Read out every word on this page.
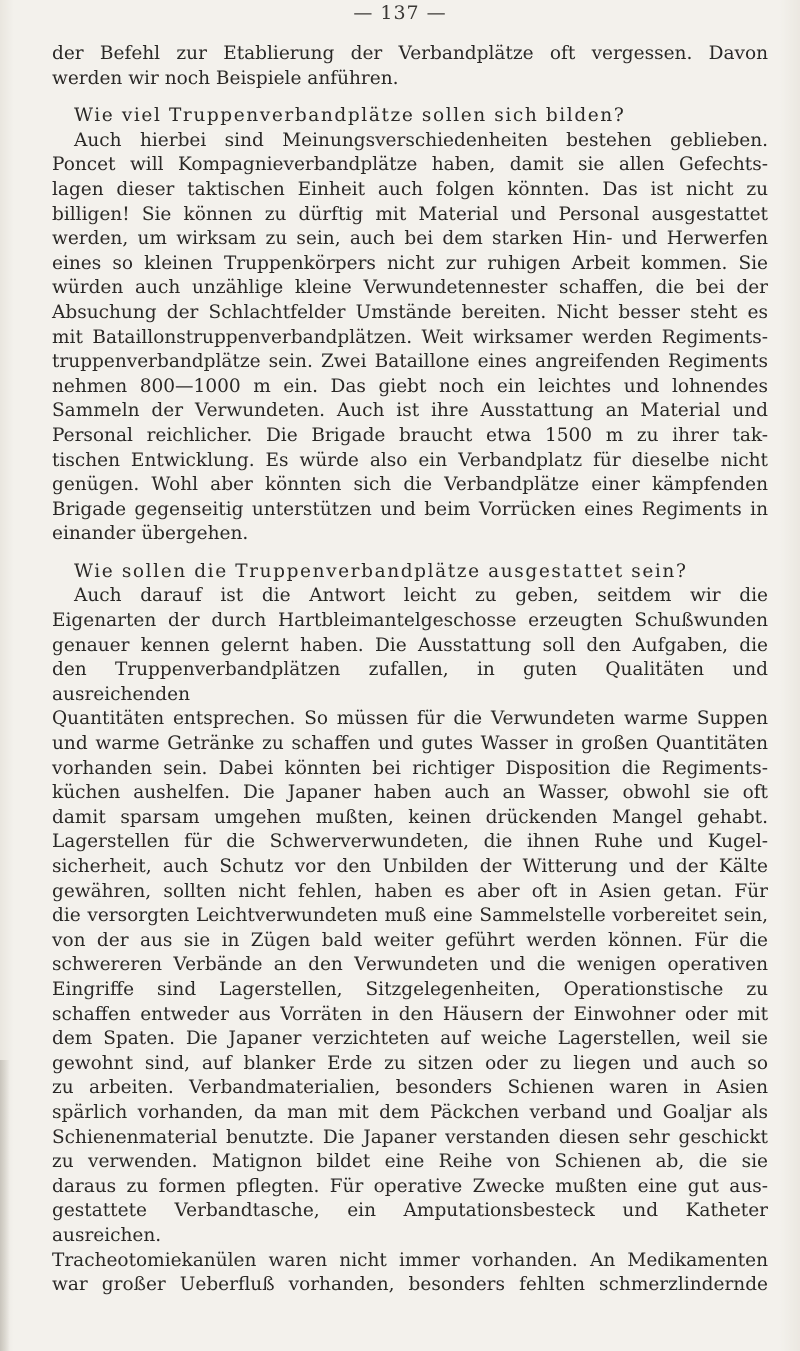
— 137 —

der Befehl zur Etablierung der Verbandplätze oft vergessen. Davon

werden wir noch Beispiele anführen.

Wie viel Truppenverbandplätze sollen sich bilden?

Auch hierbei sind Meinungsverschiedenheiten bestehen geblieben.

Poncet will Kompagnieverbandplätze haben, damit sie allen Gefechts-

lagen dieser taktischen Einheit auch folgen könnten. Das ist nicht zu

billigen! Sie können zu dürftig mit Material und Personal ausgestattet

werden, um wirksam zu sein, auch bei dem starken Hin- und Herwerfen

eines so kleinen Truppenkörpers nicht zur ruhigen Arbeit kommen. Sie

würden auch unzählige kleine Verwundetennester schaffen, die bei der

Absuchung der Schlachtfelder Umstände bereiten. Nicht besser steht es

mit Bataillonstruppenverbandplätzen. Weit wirksamer werden Regiments-

truppenverbandplätze sein. Zwei Bataillone eines angreifenden Regiments

nehmen 800—1000 m ein. Das giebt noch ein leichtes und lohnendes

Sammeln der Verwundeten. Auch ist ihre Ausstattung an Material und

Personal reichlicher. Die Brigade braucht etwa 1500 m zu ihrer tak-

tischen Entwicklung. Es würde also ein Verbandplatz für dieselbe nicht

genügen. Wohl aber könnten sich die Verbandplätze einer kämpfenden

Brigade gegenseitig unterstützen und beim Vorrücken eines Regiments in

einander übergehen.

Wie sollen die Truppenverbandplätze ausgestattet sein?

Auch darauf ist die Antwort leicht zu geben, seitdem wir die

Eigenarten der durch Hartbleimantelgeschosse erzeugten Schußwunden

genauer kennen gelernt haben. Die Ausstattung soll den Aufgaben, die

den Truppenverbandplätzen zufallen, in guten Qualitäten und ausreichenden

Quantitäten entsprechen. So müssen für die Verwundeten warme Suppen

und warme Getränke zu schaffen und gutes Wasser in großen Quantitäten

vorhanden sein. Dabei könnten bei richtiger Disposition die Regiments-

küchen aushelfen. Die Japaner haben auch an Wasser, obwohl sie oft

damit sparsam umgehen mußten, keinen drückenden Mangel gehabt.

Lagerstellen für die Schwerverwundeten, die ihnen Ruhe und Kugel-

sicherheit, auch Schutz vor den Unbilden der Witterung und der Kälte

gewähren, sollten nicht fehlen, haben es aber oft in Asien getan. Für

die versorgten Leichtverwundeten muß eine Sammelstelle vorbereitet sein,

von der aus sie in Zügen bald weiter geführt werden können. Für die

schwereren Verbände an den Verwundeten und die wenigen operativen

Eingriffe sind Lagerstellen, Sitzgelegenheiten, Operationstische zu

schaffen entweder aus Vorräten in den Häusern der Einwohner oder mit

dem Spaten. Die Japaner verzichteten auf weiche Lagerstellen, weil sie

gewohnt sind, auf blanker Erde zu sitzen oder zu liegen und auch so

zu arbeiten. Verbandmaterialien, besonders Schienen waren in Asien

spärlich vorhanden, da man mit dem Päckchen verband und Goaljar als

Schienenmaterial benutzte. Die Japaner verstanden diesen sehr geschickt

zu verwenden. Matignon bildet eine Reihe von Schienen ab, die sie

daraus zu formen pflegten. Für operative Zwecke mußten eine gut aus-

gestattete Verbandtasche, ein Amputationsbesteck und Katheter ausreichen.

Tracheotomiekanülen waren nicht immer vorhanden. An Medikamenten

war großer Ueberfluß vorhanden, besonders fehlten schmerzlindernde
